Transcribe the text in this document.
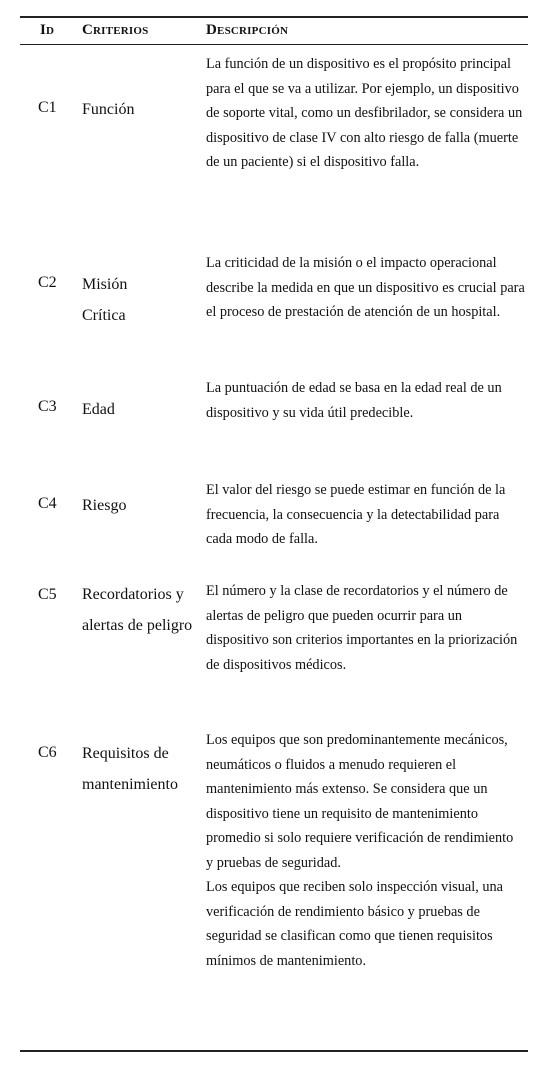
Id Criterios	Descripción
C1 Función

La función de un dispositivo es el propósito principal para el que se va a utilizar. Por ejemplo, un dispositivo de soporte vital, como un desfibrilador, se considera un dispositivo de clase IV con alto riesgo de falla (muerte de un paciente) si el dispositivo falla.

C2 Misión Crítica

La criticidad de la misión o el impacto operacional describe la medida en que un dispositivo es crucial para el proceso de prestación de atención de un hospital.

C3 Edad

La puntuación de edad se basa en la edad real de un dispositivo y su vida útil predecible.

C4 Riesgo

El valor del riesgo se puede estimar en función de la frecuencia, la consecuencia y la detectabilidad para cada modo de falla.

C5 Recordatorios y alertas de peligro

El número y la clase de recordatorios y el número de alertas de peligro que pueden ocurrir para un dispositivo son criterios importantes en la priorización de dispositivos médicos.

C6 Requisitos de mantenimiento

Los equipos que son predominantemente mecánicos, neumáticos o fluidos a menudo requieren el mantenimiento más extenso. Se considera que un dispositivo tiene un requisito de mantenimiento promedio si solo requiere verificación de rendimiento y pruebas de seguridad.

Los equipos que reciben solo inspección visual, una verificación de rendimiento básico y pruebas de seguridad se clasifican como que tienen requisitos mínimos de mantenimiento.
